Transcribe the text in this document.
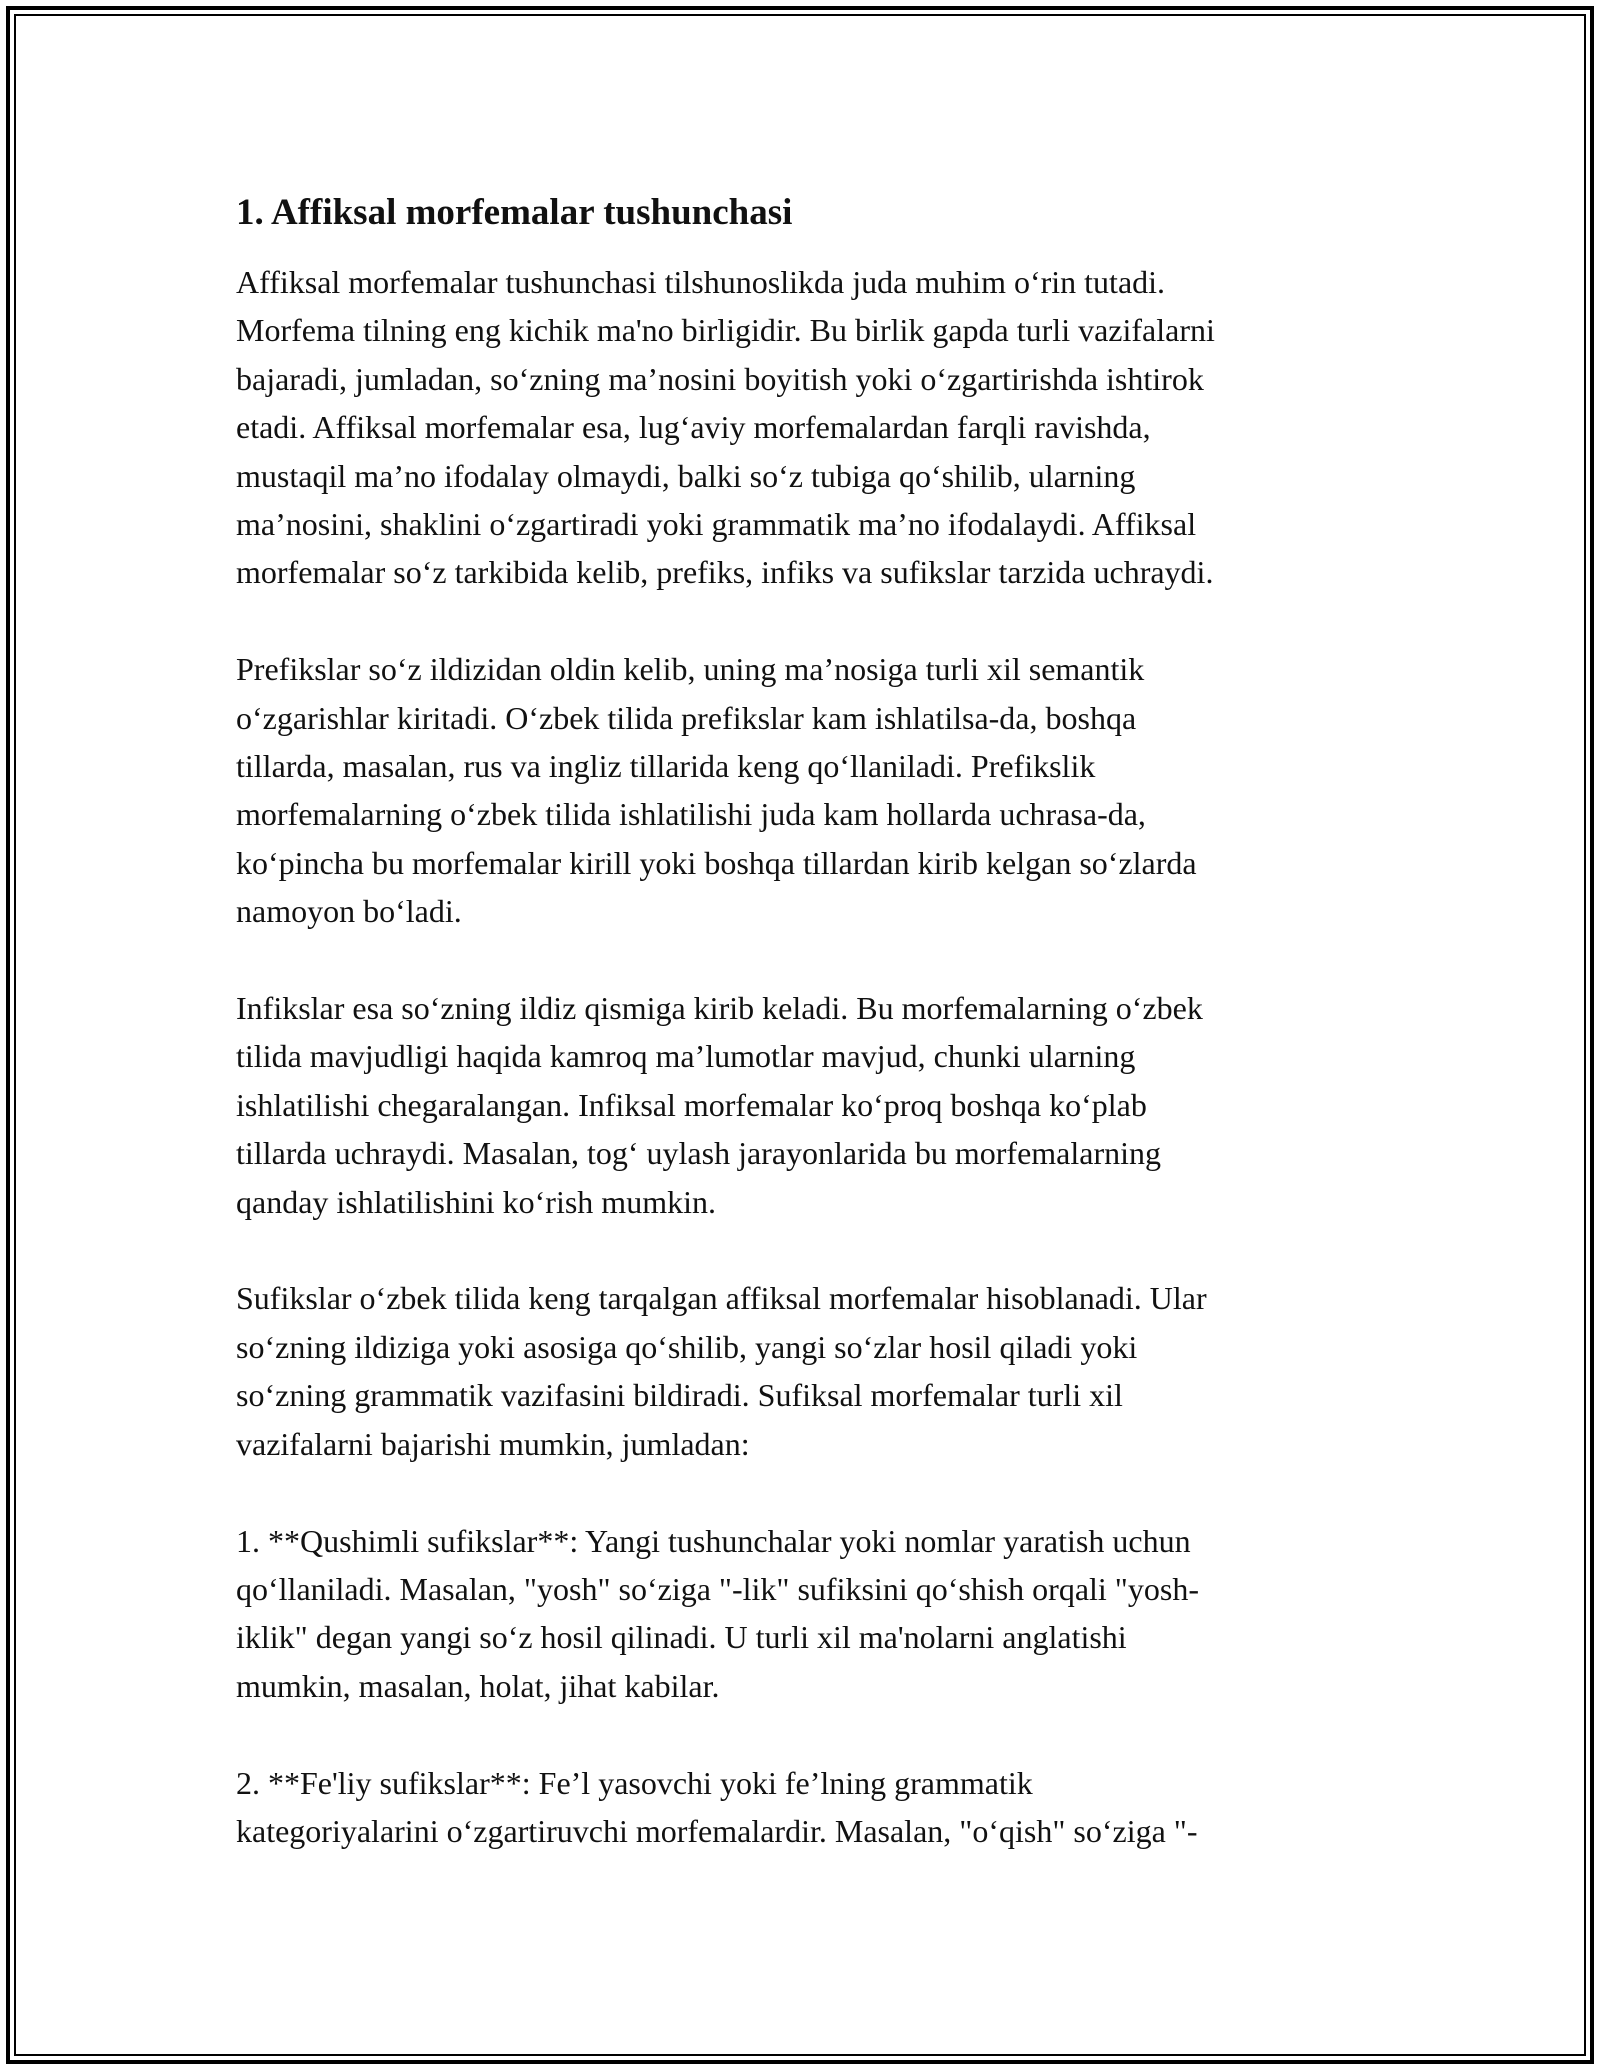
1. Affiksal morfemalar tushunchasi

Affiksal morfemalar tushunchasi tilshunoslikda juda muhim oʻrin tutadi.
Morfema tilning eng kichik ma'no birligidir. Bu birlik gapda turli vazifalarni
bajaradi, jumladan, soʻzning maʼnosini boyitish yoki oʻzgartirishda ishtirok
etadi. Affiksal morfemalar esa, lugʻaviy morfemalardan farqli ravishda,
mustaqil maʼno ifodalay olmaydi, balki soʻz tubiga qoʻshilib, ularning
maʼnosini, shaklini oʻzgartiradi yoki grammatik maʼno ifodalaydi. Affiksal
morfemalar soʻz tarkibida kelib, prefiks, infiks va sufikslar tarzida uchraydi.

Prefikslar soʻz ildizidan oldin kelib, uning maʼnosiga turli xil semantik
oʻzgarishlar kiritadi. Oʻzbek tilida prefikslar kam ishlatilsa-da, boshqa
tillarda, masalan, rus va ingliz tillarida keng qoʻllaniladi. Prefikslik
morfemalarning oʻzbek tilida ishlatilishi juda kam hollarda uchrasa-da,
koʻpincha bu morfemalar kirill yoki boshqa tillardan kirib kelgan soʻzlarda
namoyon boʻladi.

Infikslar esa soʻzning ildiz qismiga kirib keladi. Bu morfemalarning oʻzbek
tilida mavjudligi haqida kamroq maʼlumotlar mavjud, chunki ularning
ishlatilishi chegaralangan. Infiksal morfemalar koʻproq boshqa koʻplab
tillarda uchraydi. Masalan, togʻ uylash jarayonlarida bu morfemalarning
qanday ishlatilishini koʻrish mumkin.

Sufikslar oʻzbek tilida keng tarqalgan affiksal morfemalar hisoblanadi. Ular
soʻzning ildiziga yoki asosiga qoʻshilib, yangi soʻzlar hosil qiladi yoki
soʻzning grammatik vazifasini bildiradi. Sufiksal morfemalar turli xil
vazifalarni bajarishi mumkin, jumladan:

1. **Qushimli sufikslar**: Yangi tushunchalar yoki nomlar yaratish uchun
qoʻllaniladi. Masalan, "yosh" soʻziga "-lik" sufiksini qoʻshish orqali "yosh-
iklik" degan yangi soʻz hosil qilinadi. U turli xil ma'nolarni anglatishi
mumkin, masalan, holat, jihat kabilar.

2. **Fe'liy sufikslar**: Feʼl yasovchi yoki feʼlning grammatik
kategoriyalarini oʻzgartiruvchi morfemalardir. Masalan, "oʻqish" soʻziga "-
